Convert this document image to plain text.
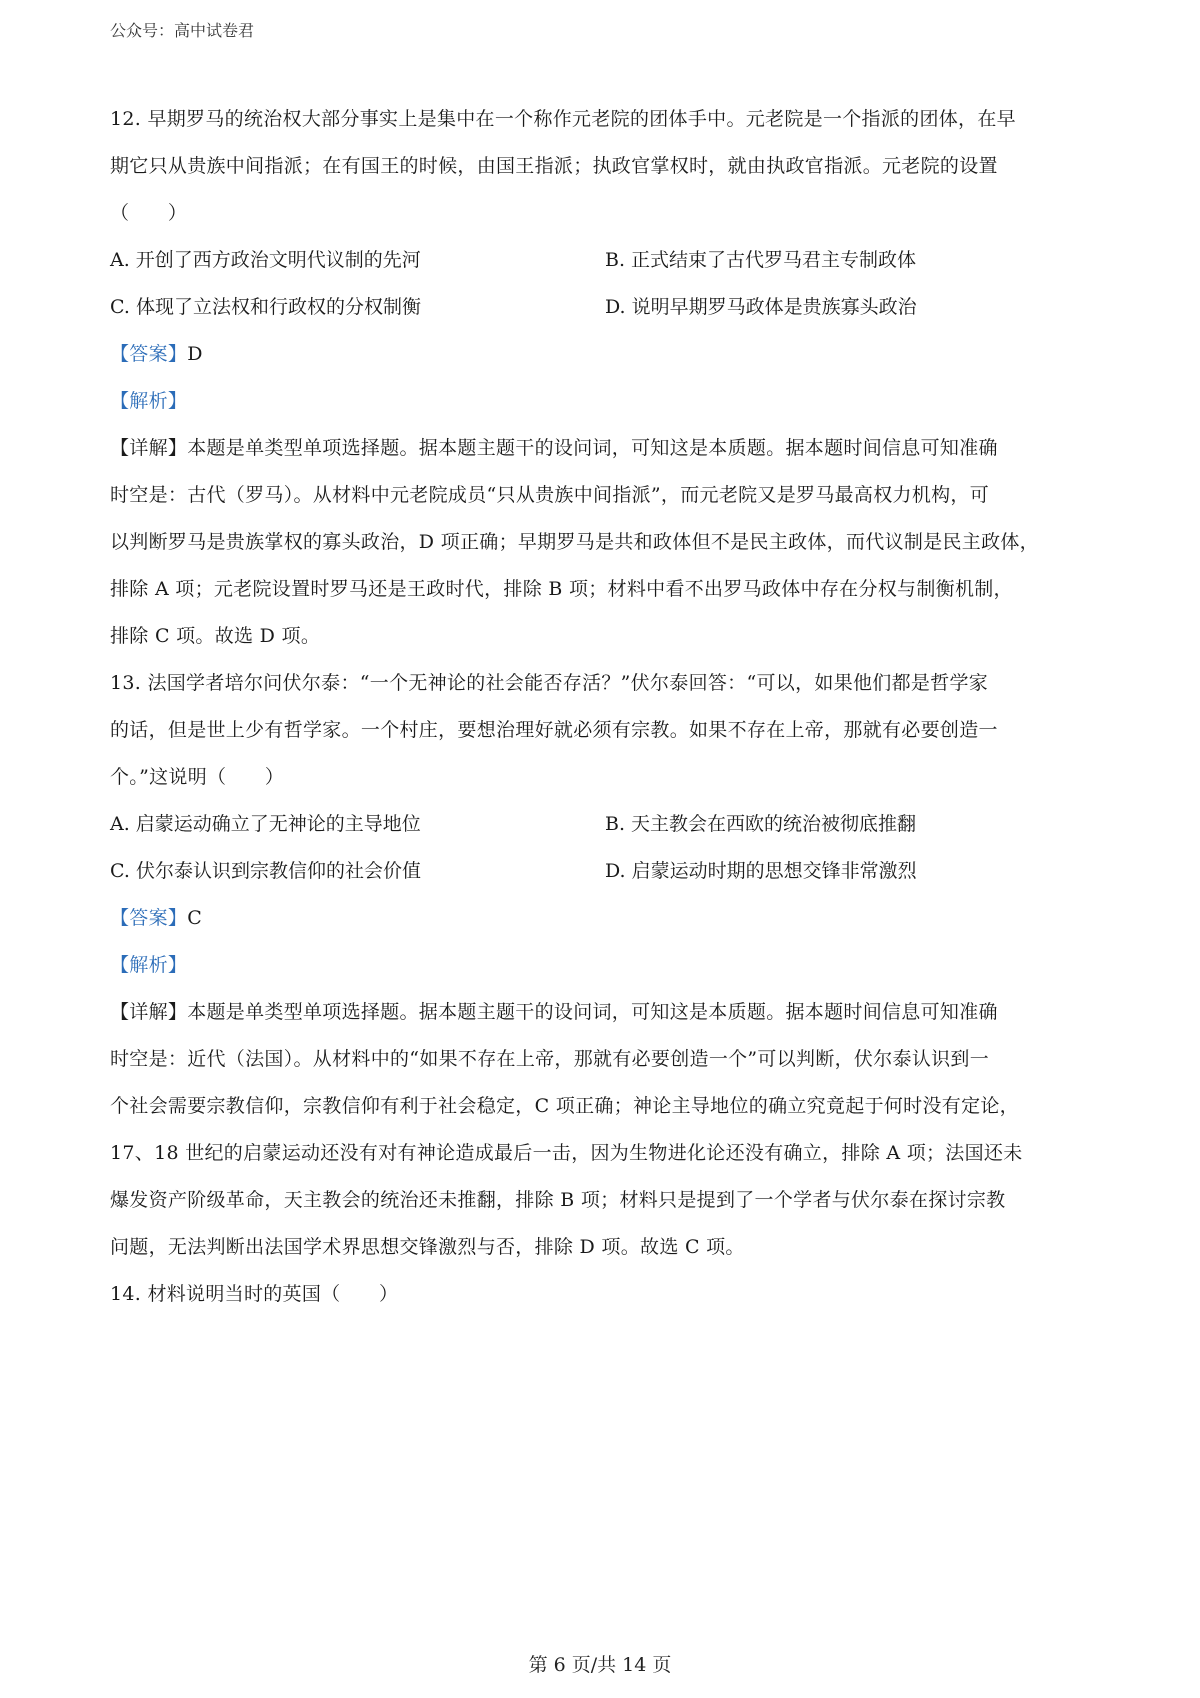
公众号：高中试卷君
12. 早期罗马的统治权大部分事实上是集中在一个称作元老院的团体手中。元老院是一个指派的团体，在早
期它只从贵族中间指派；在有国王的时候，由国王指派；执政官掌权时，就由执政官指派。元老院的设置
（　　）
A. 开创了西方政治文明代议制的先河	B. 正式结束了古代罗马君主专制政体
C. 体现了立法权和行政权的分权制衡	D. 说明早期罗马政体是贵族寡头政治
【答案】D
【解析】
【详解】本题是单类型单项选择题。据本题主题干的设问词，可知这是本质题。据本题时间信息可知准确
时空是：古代（罗马）。从材料中元老院成员“只从贵族中间指派”，而元老院又是罗马最高权力机构，可
以判断罗马是贵族掌权的寡头政治，D 项正确；早期罗马是共和政体但不是民主政体，而代议制是民主政体，
排除 A 项；元老院设置时罗马还是王政时代，排除 B 项；材料中看不出罗马政体中存在分权与制衡机制，
排除 C 项。故选 D 项。
13. 法国学者培尔问伏尔泰：“一个无神论的社会能否存活？”伏尔泰回答：“可以，如果他们都是哲学家
的话，但是世上少有哲学家。一个村庄，要想治理好就必须有宗教。如果不存在上帝，那就有必要创造一
个。”这说明（　　）
A. 启蒙运动确立了无神论的主导地位	B. 天主教会在西欧的统治被彻底推翻
C. 伏尔泰认识到宗教信仰的社会价值	D. 启蒙运动时期的思想交锋非常激烈
【答案】C
【解析】
【详解】本题是单类型单项选择题。据本题主题干的设问词，可知这是本质题。据本题时间信息可知准确
时空是：近代（法国）。从材料中的“如果不存在上帝，那就有必要创造一个”可以判断，伏尔泰认识到一
个社会需要宗教信仰，宗教信仰有利于社会稳定，C 项正确；神论主导地位的确立究竟起于何时没有定论，
17、18 世纪的启蒙运动还没有对有神论造成最后一击，因为生物进化论还没有确立，排除 A 项；法国还未
爆发资产阶级革命，天主教会的统治还未推翻，排除 B 项；材料只是提到了一个学者与伏尔泰在探讨宗教
问题，无法判断出法国学术界思想交锋激烈与否，排除 D 项。故选 C 项。
14. 材料说明当时的英国（　　）
第 6 页/共 14 页
